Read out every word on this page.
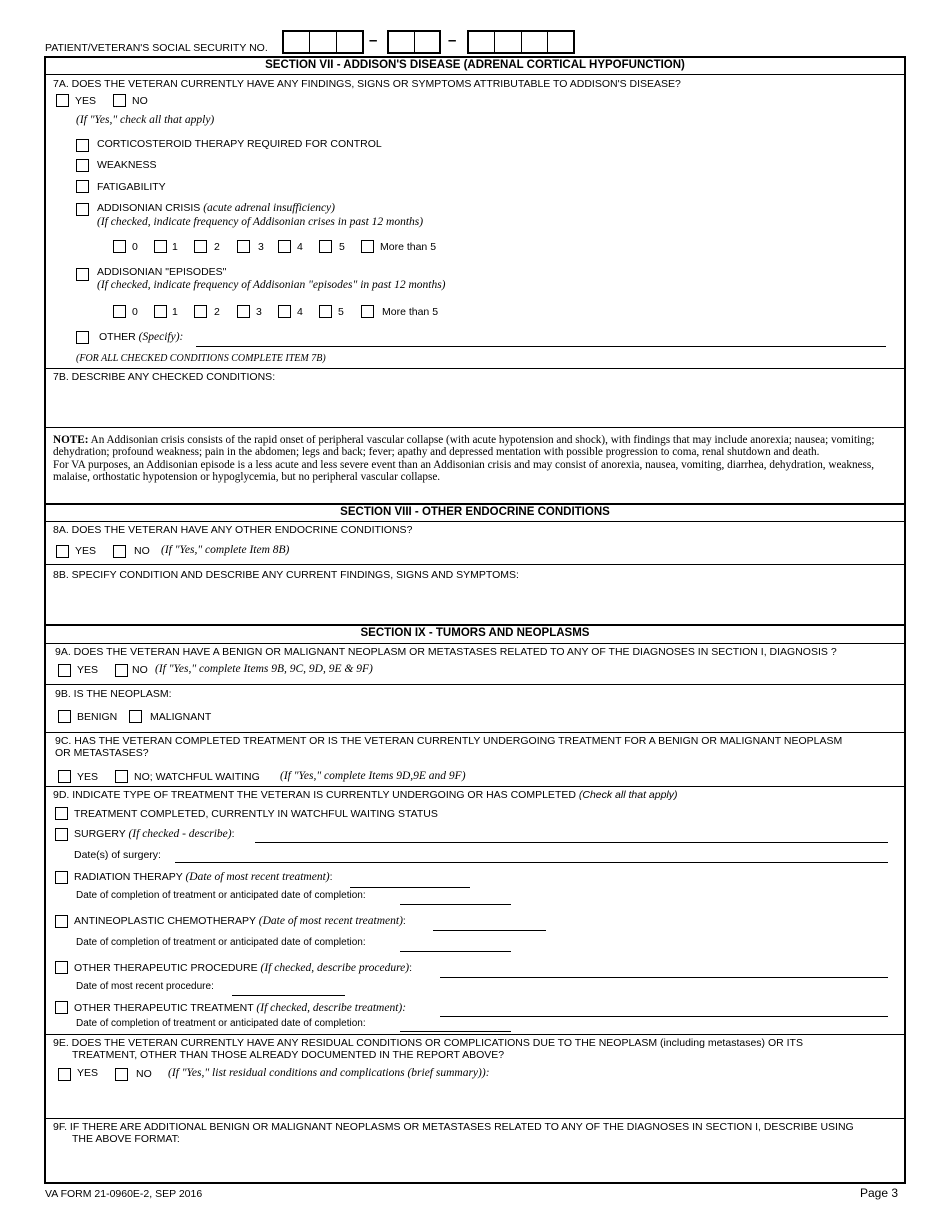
PATIENT/VETERAN'S SOCIAL SECURITY NO.	–	–
SECTION VII - ADDISON'S DISEASE (ADRENAL CORTICAL HYPOFUNCTION)
7A. DOES THE VETERAN CURRENTLY HAVE ANY FINDINGS, SIGNS OR SYMPTOMS ATTRIBUTABLE TO ADDISON'S DISEASE?
YES	NO
(If "Yes," check all that apply)
CORTICOSTEROID THERAPY REQUIRED FOR CONTROL
WEAKNESS
FATIGABILITY
ADDISONIAN CRISIS (acute adrenal insufficiency)
(If checked, indicate frequency of Addisonian crises in past 12 months)
0	1	2	3	4	5	More than 5
ADDISONIAN "EPISODES"
(If checked, indicate frequency of Addisonian "episodes" in past 12 months)
0	1	2	3	4	5	More than 5
OTHER (Specify):
(FOR ALL CHECKED CONDITIONS COMPLETE ITEM 7B)
7B. DESCRIBE ANY CHECKED CONDITIONS:
NOTE: An Addisonian crisis consists of the rapid onset of peripheral vascular collapse (with acute hypotension and shock), with findings that may include anorexia; nausea; vomiting; dehydration; profound weakness; pain in the abdomen; legs and back; fever; apathy and depressed mentation with possible progression to coma, renal shutdown and death.
For VA purposes, an Addisonian episode is a less acute and less severe event than an Addisonian crisis and may consist of anorexia, nausea, vomiting, diarrhea, dehydration, weakness, malaise, orthostatic hypotension or hypoglycemia, but no peripheral vascular collapse.
SECTION VIII - OTHER ENDOCRINE CONDITIONS
8A. DOES THE VETERAN HAVE ANY OTHER ENDOCRINE CONDITIONS?
YES	NO (If "Yes," complete Item 8B)
8B. SPECIFY CONDITION AND DESCRIBE ANY CURRENT FINDINGS, SIGNS AND SYMPTOMS:
SECTION IX - TUMORS AND NEOPLASMS
9A. DOES THE VETERAN HAVE A BENIGN OR MALIGNANT NEOPLASM OR METASTASES RELATED TO ANY OF THE DIAGNOSES IN SECTION I, DIAGNOSIS ?
YES	NO (If "Yes," complete Items 9B, 9C, 9D, 9E & 9F)
9B. IS THE NEOPLASM:
BENIGN	MALIGNANT
9C. HAS THE VETERAN COMPLETED TREATMENT OR IS THE VETERAN CURRENTLY UNDERGOING TREATMENT FOR A BENIGN OR MALIGNANT NEOPLASM
OR METASTASES?
YES	NO; WATCHFUL WAITING (If "Yes," complete Items 9D,9E and 9F)
9D. INDICATE TYPE OF TREATMENT THE VETERAN IS CURRENTLY UNDERGOING OR HAS COMPLETED (Check all that apply)
TREATMENT COMPLETED, CURRENTLY IN WATCHFUL WAITING STATUS
SURGERY (If checked - describe):
Date(s) of surgery:
RADIATION THERAPY (Date of most recent treatment):
Date of completion of treatment or anticipated date of completion:
ANTINEOPLASTIC CHEMOTHERAPY (Date of most recent treatment):
Date of completion of treatment or anticipated date of completion:
OTHER THERAPEUTIC PROCEDURE (If checked, describe procedure):
Date of most recent procedure:
OTHER THERAPEUTIC TREATMENT (If checked, describe treatment):
Date of completion of treatment or anticipated date of completion:
9E. DOES THE VETERAN CURRENTLY HAVE ANY RESIDUAL CONDITIONS OR COMPLICATIONS DUE TO THE NEOPLASM (including metastases) OR ITS
TREATMENT, OTHER THAN THOSE ALREADY DOCUMENTED IN THE REPORT ABOVE?
YES	NO (If "Yes," list residual conditions and complications (brief summary)):
9F. IF THERE ARE ADDITIONAL BENIGN OR MALIGNANT NEOPLASMS OR METASTASES RELATED TO ANY OF THE DIAGNOSES IN SECTION I, DESCRIBE USING
THE ABOVE FORMAT:
VA FORM 21-0960E-2, SEP 2016	Page 3
